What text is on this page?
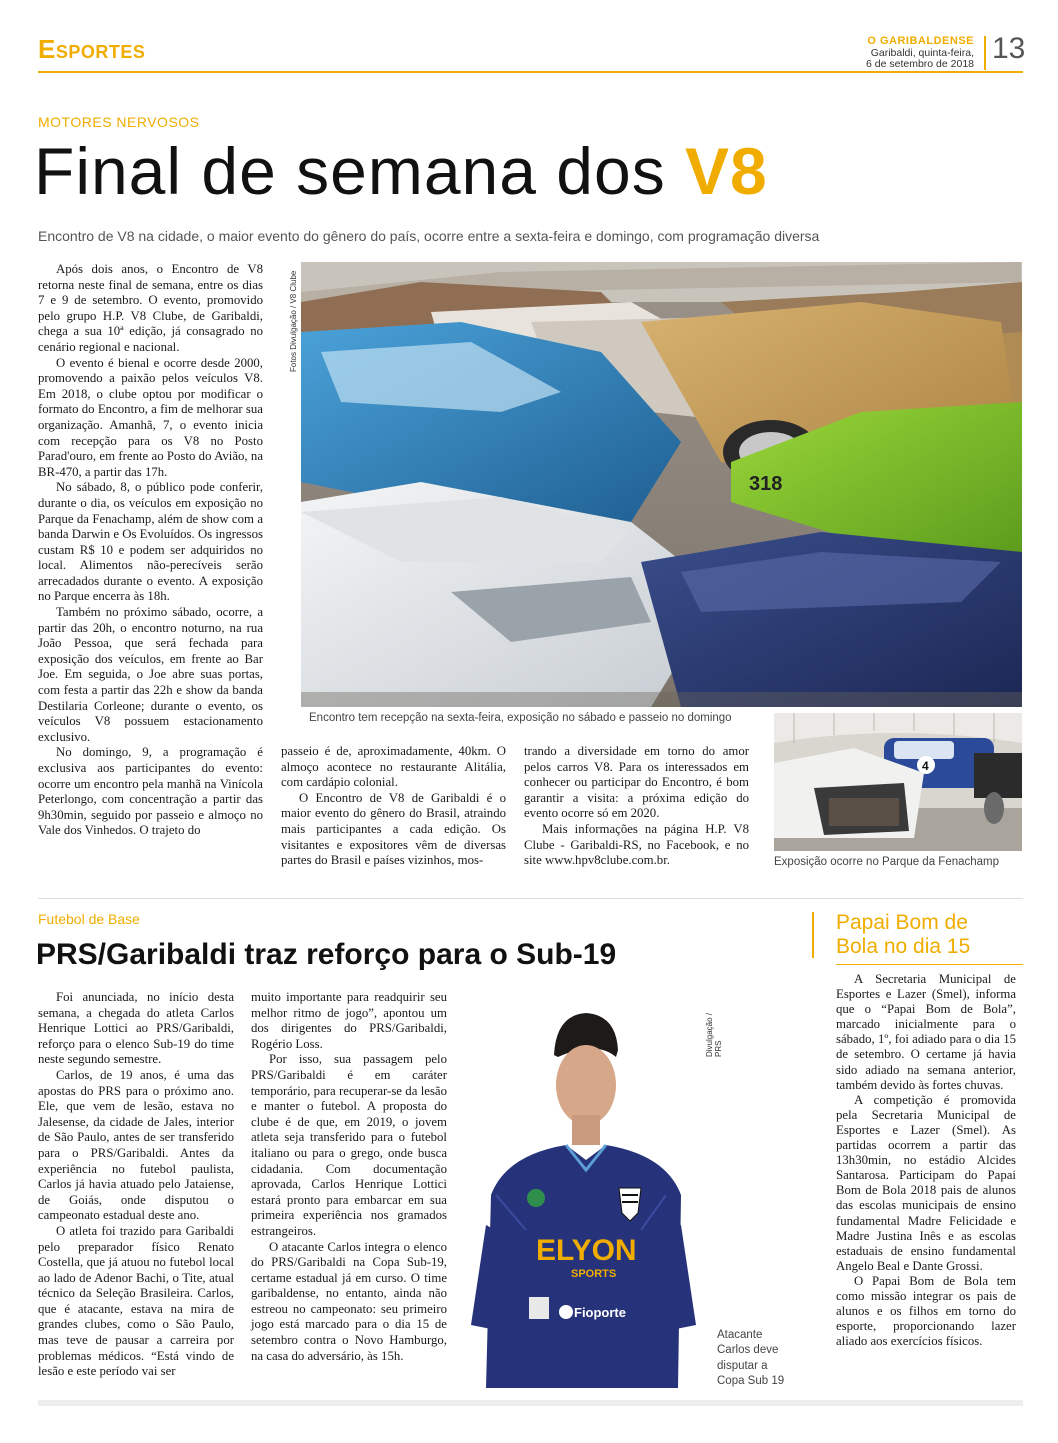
Esportes	O GARIBALDENSE
Garibaldi, quinta-feira,
6 de setembro de 2018 13
MOTORES NERVOSOS
Final de semana dos V8
Encontro de V8 na cidade, o maior evento do gênero do país, ocorre entre a sexta-feira e domingo, com programação diversa

Após dois anos, o Encontro de V8 retorna neste final de semana, entre os dias 7 e 9 de setembro. O evento, promovido pelo grupo H.P. V8 Clube, de Garibaldi, chega a sua 10ª edição, já consagrado no cenário regional e nacional.

O evento é bienal e ocorre desde 2000, promovendo a paixão pelos veículos V8. Em 2018, o clube optou por modificar o formato do Encontro, a fim de melhorar sua organização. Amanhã, 7, o evento inicia com recepção para os V8 no Posto Parad'ouro, em frente ao Posto do Avião, na BR-470, a partir das 17h.

No sábado, 8, o público pode conferir, durante o dia, os veículos em exposição no Parque da Fenachamp, além de show com a banda Darwin e Os Evoluídos. Os ingressos custam R$ 10 e podem ser adquiridos no local. Alimentos não-perecíveis serão arrecadados durante o evento. A exposição no Parque encerra às 18h.

Também no próximo sábado, ocorre, a partir das 20h, o encontro noturno, na rua João Pessoa, que será fechada para exposição dos veículos, em frente ao Bar Joe. Em seguida, o Joe abre suas portas, com festa a partir das 22h e show da banda Destilaria Corleone; durante o evento, os veículos V8 possuem estacionamento exclusivo.

No domingo, 9, a programação é exclusiva aos participantes do evento: ocorre um encontro pela manhã na Vinícola Peterlongo, com concentração a partir das 9h30min, seguido por passeio e almoço no Vale dos Vinhedos. O trajeto do

Fotos Divulgação / V8 Clube
318
Encontro tem recepção na sexta-feira, exposição no sábado e passeio no domingo

passeio é de, aproximadamente, 40km. O almoço acontece no restaurante Alitália, com cardápio colonial.

O Encontro de V8 de Garibaldi é o maior evento do gênero do Brasil, atraindo mais participantes a cada edição. Os visitantes e expositores vêm de diversas partes do Brasil e países vizinhos, mos-

trando a diversidade em torno do amor pelos carros V8. Para os interessados em conhecer ou participar do Encontro, é bom garantir a visita: a próxima edição do evento ocorre só em 2020.

Mais informações na página H.P. V8 Clube - Garibaldi-RS, no Facebook, e no site www.hpv8clube.com.br.

4
Exposição ocorre no Parque da Fenachamp
Futebol de Base
PRS/Garibaldi traz reforço para o Sub-19

Foi anunciada, no início desta semana, a chegada do atleta Carlos Henrique Lottici ao PRS/Garibaldi, reforço para o elenco Sub-19 do time neste segundo semestre.

Carlos, de 19 anos, é uma das apostas do PRS para o próximo ano. Ele, que vem de lesão, estava no Jalesense, da cidade de Jales, interior de São Paulo, antes de ser transferido para o PRS/Garibaldi. Antes da experiência no futebol paulista, Carlos já havia atuado pelo Jataiense, de Goiás, onde disputou o campeonato estadual deste ano.

O atleta foi trazido para Garibaldi pelo preparador físico Renato Costella, que já atuou no futebol local ao lado de Adenor Bachi, o Tite, atual técnico da Seleção Brasileira. Carlos, que é atacante, estava na mira de grandes clubes, como o São Paulo, mas teve de pausar a carreira por problemas médicos. “Está vindo de lesão e este período vai ser

muito importante para readquirir seu melhor ritmo de jogo”, apontou um dos dirigentes do PRS/Garibaldi, Rogério Loss.

Por isso, sua passagem pelo PRS/Garibaldi é em caráter temporário, para recuperar-se da lesão e manter o futebol. A proposta do clube é de que, em 2019, o jovem atleta seja transferido para o futebol italiano ou para o grego, onde busca cidadania. Com documentação aprovada, Carlos Henrique Lottici estará pronto para embarcar em sua primeira experiência nos gramados estrangeiros.

O atacante Carlos integra o elenco do PRS/Garibaldi na Copa Sub-19, certame estadual já em curso. O time garibaldense, no entanto, ainda não estreou no campeonato: seu primeiro jogo está marcado para o dia 15 de setembro contra o Novo Hamburgo, na casa do adversário, às 15h.

ELYON
SPORTS
Fioporte
Divulgação / PRS
Atacante
Carlos deve
disputar a
Copa Sub 19
Papai Bom de
Bola no dia 15

A Secretaria Municipal de Esportes e Lazer (Smel), informa que o “Papai Bom de Bola”, marcado inicialmente para o sábado, 1º, foi adiado para o dia 15 de setembro. O certame já havia sido adiado na semana anterior, também devido às fortes chuvas.

A competição é promovida pela Secretaria Municipal de Esportes e Lazer (Smel). As partidas ocorrem a partir das 13h30min, no estádio Alcides Santarosa. Participam do Papai Bom de Bola 2018 pais de alunos das escolas municipais de ensino fundamental Madre Felicidade e Madre Justina Inês e as escolas estaduais de ensino fundamental Angelo Beal e Dante Grossi.

O Papai Bom de Bola tem como missão integrar os pais de alunos e os filhos em torno do esporte, proporcionando lazer aliado aos exercícios físicos.
